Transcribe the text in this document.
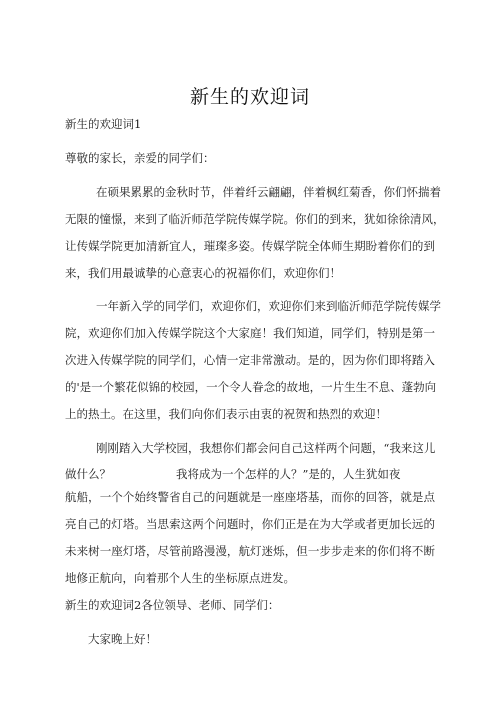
新生的欢迎词
新生的欢迎词1
尊敬的家长，亲爱的同学们：
在硕果累累的金秋时节，伴着纤云翩翩，伴着枫红菊香，你们怀揣着
无限的憧憬，来到了临沂师范学院传媒学院。你们的到来，犹如徐徐清风，
让传媒学院更加清新宜人，璀璨多姿。传媒学院全体师生期盼着你们的到
来，我们用最诚挚的心意衷心的祝福你们，欢迎你们！
一年新入学的同学们，欢迎你们，欢迎你们来到临沂师范学院传媒学
院，欢迎你们加入传媒学院这个大家庭！我们知道，同学们，特别是第一
次进入传媒学院的同学们，心情一定非常激动。是的，因为你们即将踏入
的'是一个繁花似锦的校园，一个令人眷念的故地，一片生生不息、蓬勃向
上的热土。在这里，我们向你们表示由衷的祝贺和热烈的欢迎！
刚刚踏入大学校园，我想你们都会问自己这样两个问题，“我来这儿
做什么？	我将成为一个怎样的人？”是的，人生犹如夜
航船，一个个始终警省自己的问题就是一座座塔基，而你的回答，就是点
亮自己的灯塔。当思索这两个问题时，你们正是在为大学或者更加长远的
未来树一座灯塔，尽管前路漫漫，航灯迷烁，但一步步走来的你们将不断
地修正航向，向着那个人生的坐标原点进发。
新生的欢迎词2各位领导、老师、同学们：
大家晚上好！
